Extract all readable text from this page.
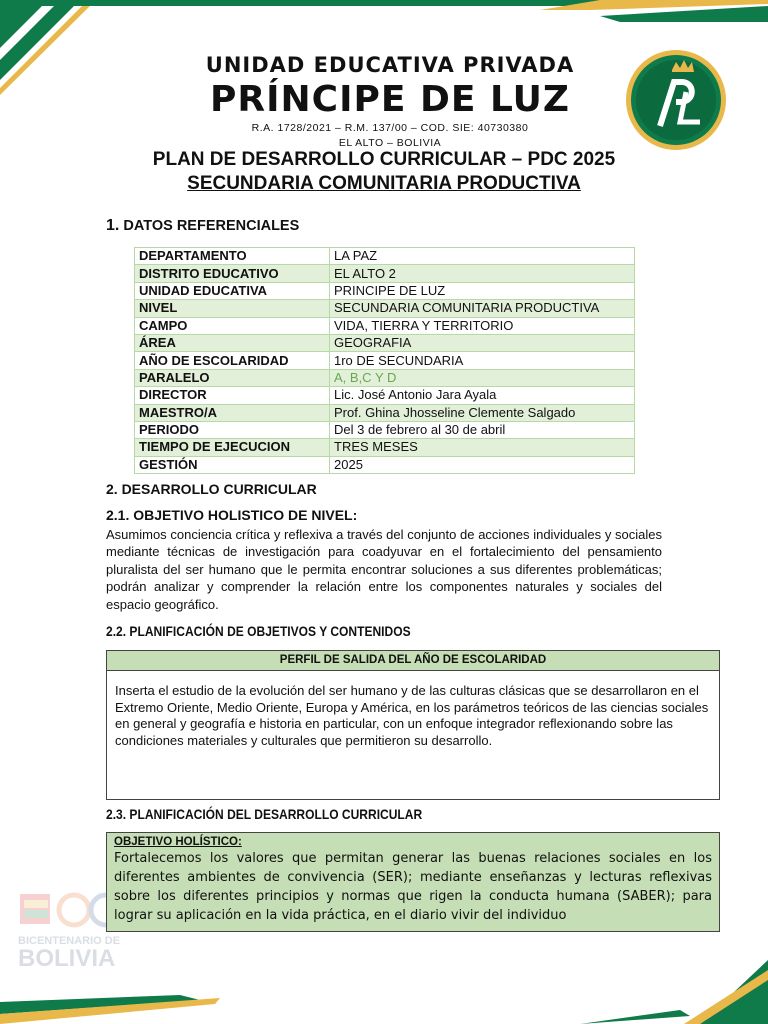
BICENTENARIO DE
BOLIVIA
UNIDAD EDUCATIVA PRIVADA
PRÍNCIPE DE LUZ
R.A. 1728/2021 – R.M. 137/00 – COD. SIE: 40730380
EL ALTO – BOLIVIA
PLAN DE DESARROLLO CURRICULAR – PDC 2025
SECUNDARIA COMUNITARIA PRODUCTIVA
1. DATOS REFERENCIALES
DEPARTAMENTO	LA PAZ
DISTRITO EDUCATIVO	EL ALTO 2
UNIDAD EDUCATIVA	PRINCIPE DE LUZ
NIVEL	SECUNDARIA COMUNITARIA PRODUCTIVA
CAMPO	VIDA, TIERRA Y TERRITORIO
ÁREA	GEOGRAFIA
AÑO DE ESCOLARIDAD	1ro DE SECUNDARIA
PARALELO	A, B,C Y D
DIRECTOR	Lic. José Antonio Jara Ayala
MAESTRO/A	Prof. Ghina Jhosseline Clemente Salgado
PERIODO	Del 3 de febrero al 30 de abril
TIEMPO DE EJECUCION	TRES MESES
GESTIÓN	2025
2. DESARROLLO CURRICULAR
2.1. OBJETIVO HOLISTICO DE NIVEL:
Asumimos conciencia crítica y reflexiva a través del conjunto de acciones individuales y sociales mediante técnicas de investigación para coadyuvar en el fortalecimiento del pensamiento pluralista del ser humano que le permita encontrar soluciones a sus diferentes problemáticas; podrán analizar y comprender la relación entre los componentes naturales y sociales del espacio geográfico.
2.2. PLANIFICACIÓN DE OBJETIVOS Y CONTENIDOS
PERFIL DE SALIDA DEL AÑO DE ESCOLARIDAD
Inserta el estudio de la evolución del ser humano y de las culturas clásicas que se desarrollaron en el Extremo Oriente, Medio Oriente, Europa y América, en los parámetros teóricos de las ciencias sociales en general y geografía e historia en particular, con un enfoque integrador reflexionando sobre las condiciones materiales y culturales que permitieron su desarrollo.
2.3. PLANIFICACIÓN DEL DESARROLLO CURRICULAR
OBJETIVO HOLÍSTICO:
Fortalecemos los valores que permitan generar las buenas relaciones sociales en los diferentes ambientes de convivencia (SER); mediante enseñanzas y lecturas reflexivas sobre los diferentes principios y normas que rigen la conducta humana (SABER); para lograr su aplicación en la vida práctica, en el diario vivir del individuo
